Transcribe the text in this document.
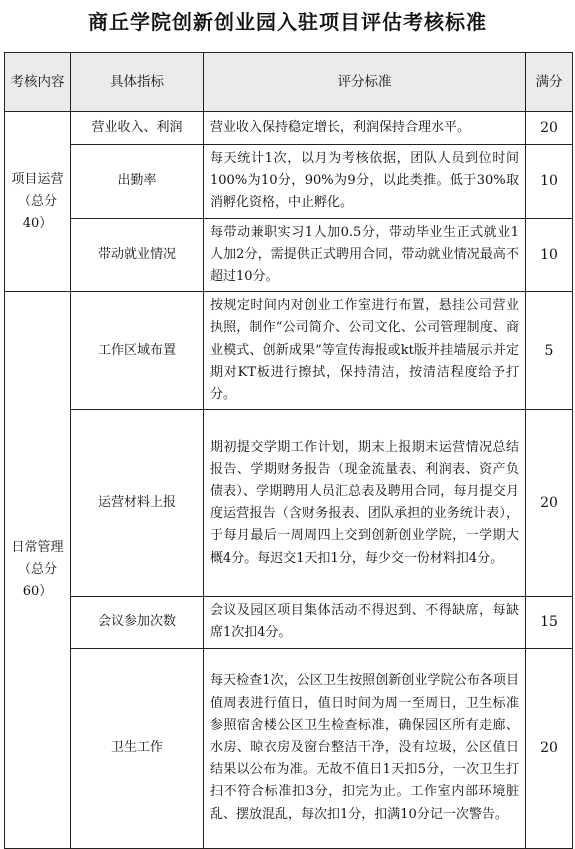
商丘学院创新创业园入驻项目评估考核标准
考核内容	具体指标	评分标准	满分
项目运营（总分40）	营业收入、利润	营业收入保持稳定增长，利润保持合理水平。	20
	出勤率	每天统计1次，以月为考核依据，团队人员到位时间100%为10分，90%为9分，以此类推。低于30%取消孵化资格，中止孵化。	10
	带动就业情况	每带动兼职实习1人加0.5分，带动毕业生正式就业1人加2分，需提供正式聘用合同，带动就业情况最高不超过10分。	10
日常管理（总分60）	工作区域布置	按规定时间内对创业工作室进行布置，悬挂公司营业执照，制作“公司简介、公司文化、公司管理制度、商业模式、创新成果”等宣传海报或kt版并挂墙展示并定期对KT板进行擦拭，保持清洁，按清洁程度给予打分。	5
	运营材料上报	期初提交学期工作计划，期末上报期末运营情况总结报告、学期财务报告（现金流量表、利润表、资产负债表）、学期聘用人员汇总表及聘用合同，每月提交月度运营报告（含财务报表、团队承担的业务统计表），于每月最后一周周四上交到创新创业学院，一学期大概4分。每迟交1天扣1分，每少交一份材料扣4分。	20
	会议参加次数	会议及园区项目集体活动不得迟到、不得缺席，每缺席1次扣4分。	15
	卫生工作	每天检查1次，公区卫生按照创新创业学院公布各项目值周表进行值日，值日时间为周一至周日，卫生标准参照宿舍楼公区卫生检查标准，确保园区所有走廊、水房、晾衣房及窗台整洁干净，没有垃圾，公区值日结果以公布为准。无故不值日1天扣5分，一次卫生打扫不符合标准扣3分，扣完为止。工作室内部环境脏乱、摆放混乱，每次扣1分，扣满10分记一次警告。	20
